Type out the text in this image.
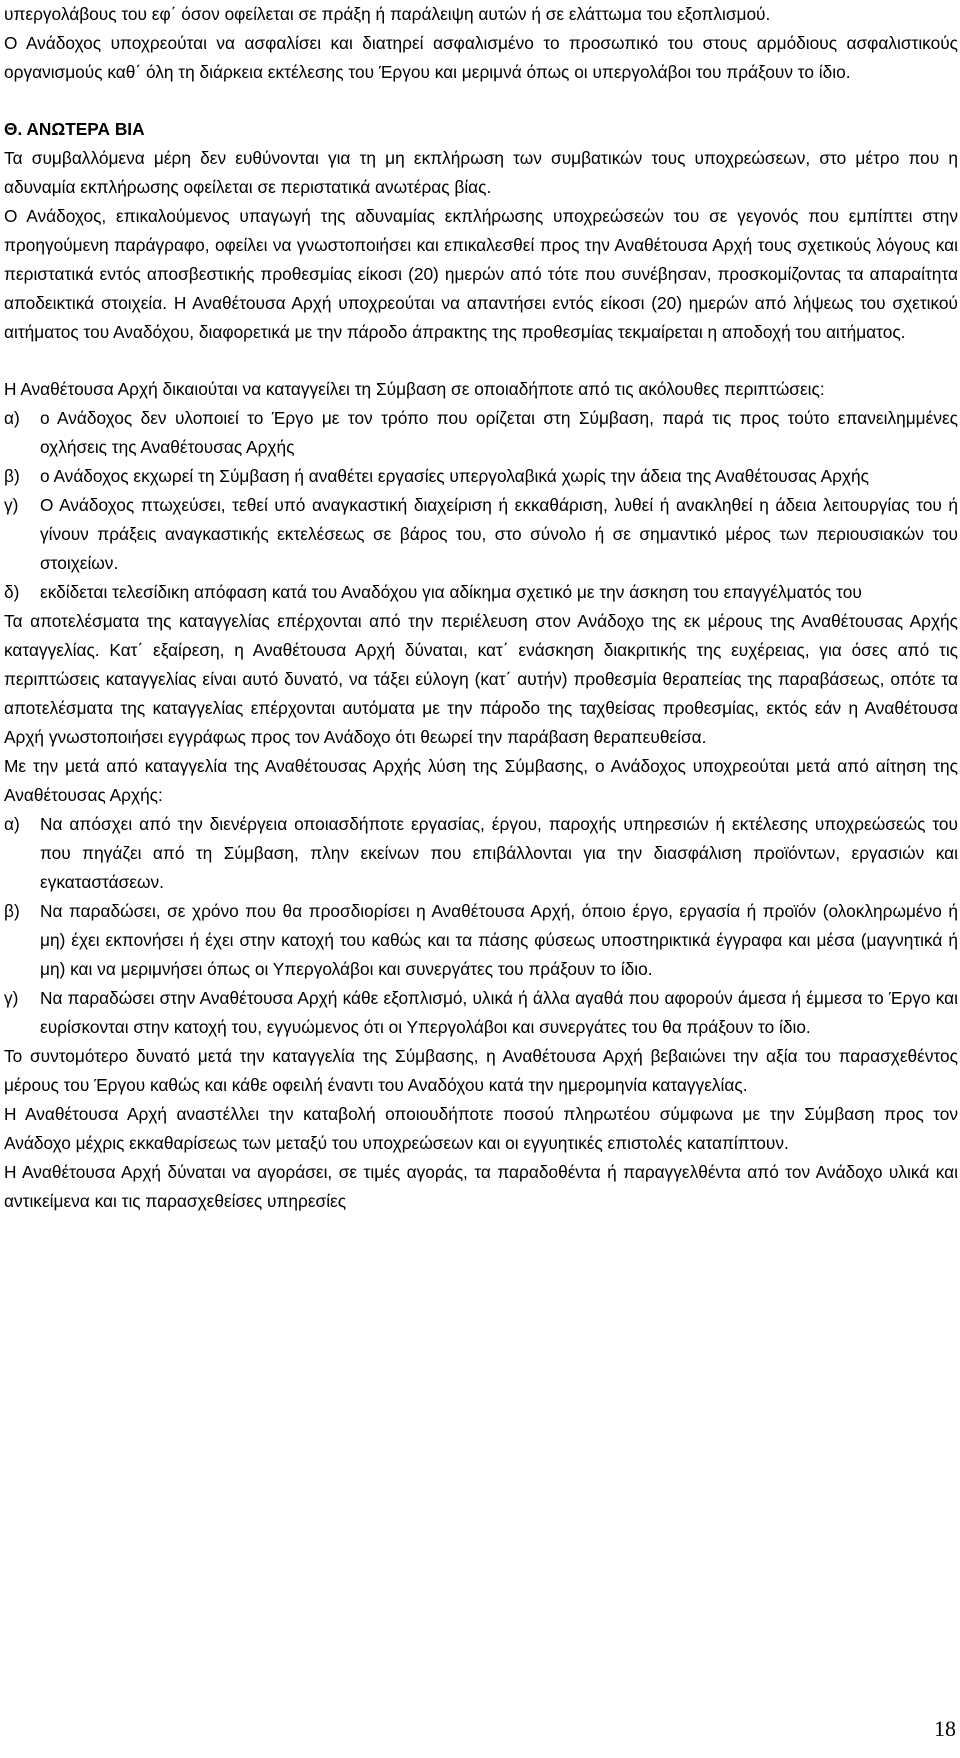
υπεργολάβους του εφ΄ όσον οφείλεται σε πράξη ή παράλειψη αυτών ή σε ελάττωμα του εξοπλισμού.

Ο Ανάδοχος υποχρεούται να ασφαλίσει και διατηρεί ασφαλισμένο το προσωπικό του στους αρμόδιους ασφαλιστικούς οργανισμούς καθ΄ όλη τη διάρκεια εκτέλεσης του Έργου και μεριμνά όπως οι υπεργολάβοι του πράξουν το ίδιο.

Θ. ΑΝΩΤΕΡΑ ΒΙΑ

Τα συμβαλλόμενα μέρη δεν ευθύνονται για τη μη εκπλήρωση των συμβατικών τους υποχρεώσεων, στο μέτρο που η αδυναμία εκπλήρωσης οφείλεται σε περιστατικά ανωτέρας βίας.

Ο Ανάδοχος, επικαλούμενος υπαγωγή της αδυναμίας εκπλήρωσης υποχρεώσεών του σε γεγονός που εμπίπτει στην προηγούμενη παράγραφο, οφείλει να γνωστοποιήσει και επικαλεσθεί προς την Αναθέτουσα Αρχή τους σχετικούς λόγους και περιστατικά εντός αποσβεστικής προθεσμίας είκοσι (20) ημερών από τότε που συνέβησαν, προσκομίζοντας τα απαραίτητα αποδεικτικά στοιχεία. Η Αναθέτουσα Αρχή υποχρεούται να απαντήσει εντός είκοσι (20) ημερών από λήψεως του σχετικού αιτήματος του Αναδόχου, διαφορετικά με την πάροδο άπρακτης της προθεσμίας τεκμαίρεται η αποδοχή του αιτήματος.

Η Αναθέτουσα Αρχή δικαιούται να καταγγείλει τη Σύμβαση σε οποιαδήποτε από τις ακόλουθες περιπτώσεις:

α)	ο Ανάδοχος δεν υλοποιεί το Έργο με τον τρόπο που ορίζεται στη Σύμβαση, παρά τις προς τούτο επανειλημμένες οχλήσεις της Αναθέτουσας Αρχής
β)	ο Ανάδοχος εκχωρεί τη Σύμβαση ή αναθέτει εργασίες υπεργολαβικά χωρίς την άδεια της Αναθέτουσας Αρχής
γ)	Ο Ανάδοχος πτωχεύσει, τεθεί υπό αναγκαστική διαχείριση ή εκκαθάριση, λυθεί ή ανακληθεί η άδεια λειτουργίας του ή γίνουν πράξεις αναγκαστικής εκτελέσεως σε βάρος του, στο σύνολο ή σε σημαντικό μέρος των περιουσιακών του στοιχείων.
δ)	εκδίδεται τελεσίδικη απόφαση κατά του Αναδόχου για αδίκημα σχετικό με την άσκηση του επαγγέλματός του

Τα αποτελέσματα της καταγγελίας επέρχονται από την περιέλευση στον Ανάδοχο της εκ μέρους της Αναθέτουσας Αρχής καταγγελίας. Κατ΄ εξαίρεση, η Αναθέτουσα Αρχή δύναται, κατ΄ ενάσκηση διακριτικής της ευχέρειας, για όσες από τις περιπτώσεις καταγγελίας είναι αυτό δυνατό, να τάξει εύλογη (κατ΄ αυτήν) προθεσμία θεραπείας της παραβάσεως, οπότε τα αποτελέσματα της καταγγελίας επέρχονται αυτόματα με την πάροδο της ταχθείσας προθεσμίας, εκτός εάν η Αναθέτουσα Αρχή γνωστοποιήσει εγγράφως προς τον Ανάδοχο ότι θεωρεί την παράβαση θεραπευθείσα.

Με την μετά από καταγγελία της Αναθέτουσας Αρχής λύση της Σύμβασης, ο Ανάδοχος υποχρεούται μετά από αίτηση της Αναθέτουσας Αρχής:

α)	Να απόσχει από την διενέργεια οποιασδήποτε εργασίας, έργου, παροχής υπηρεσιών ή εκτέλεσης υποχρεώσεώς του που πηγάζει από τη Σύμβαση, πλην εκείνων που επιβάλλονται για την διασφάλιση προϊόντων, εργασιών και εγκαταστάσεων.
β)	Να παραδώσει, σε χρόνο που θα προσδιορίσει η Αναθέτουσα Αρχή, όποιο έργο, εργασία ή προϊόν (ολοκληρωμένο ή μη) έχει εκπονήσει ή έχει στην κατοχή του καθώς και τα πάσης φύσεως υποστηρικτικά έγγραφα και μέσα (μαγνητικά ή μη) και να μεριμνήσει όπως οι Υπεργολάβοι και συνεργάτες του πράξουν το ίδιο.
γ)	Να παραδώσει στην Αναθέτουσα Αρχή κάθε εξοπλισμό, υλικά ή άλλα αγαθά που αφορούν άμεσα ή έμμεσα το Έργο και ευρίσκονται στην κατοχή του, εγγυώμενος ότι οι Υπεργολάβοι και συνεργάτες του θα πράξουν το ίδιο.

Το συντομότερο δυνατό μετά την καταγγελία της Σύμβασης, η Αναθέτουσα Αρχή βεβαιώνει την αξία του παρασχεθέντος μέρους του Έργου καθώς και κάθε οφειλή έναντι του Αναδόχου κατά την ημερομηνία καταγγελίας.

Η Αναθέτουσα Αρχή αναστέλλει την καταβολή οποιουδήποτε ποσού πληρωτέου σύμφωνα με την Σύμβαση προς τον Ανάδοχο μέχρις εκκαθαρίσεως των μεταξύ του υποχρεώσεων και οι εγγυητικές επιστολές καταπίπτουν.

Η Αναθέτουσα Αρχή δύναται να αγοράσει, σε τιμές αγοράς, τα παραδοθέντα ή παραγγελθέντα από τον Ανάδοχο υλικά και αντικείμενα και τις παρασχεθείσες υπηρεσίες

18
